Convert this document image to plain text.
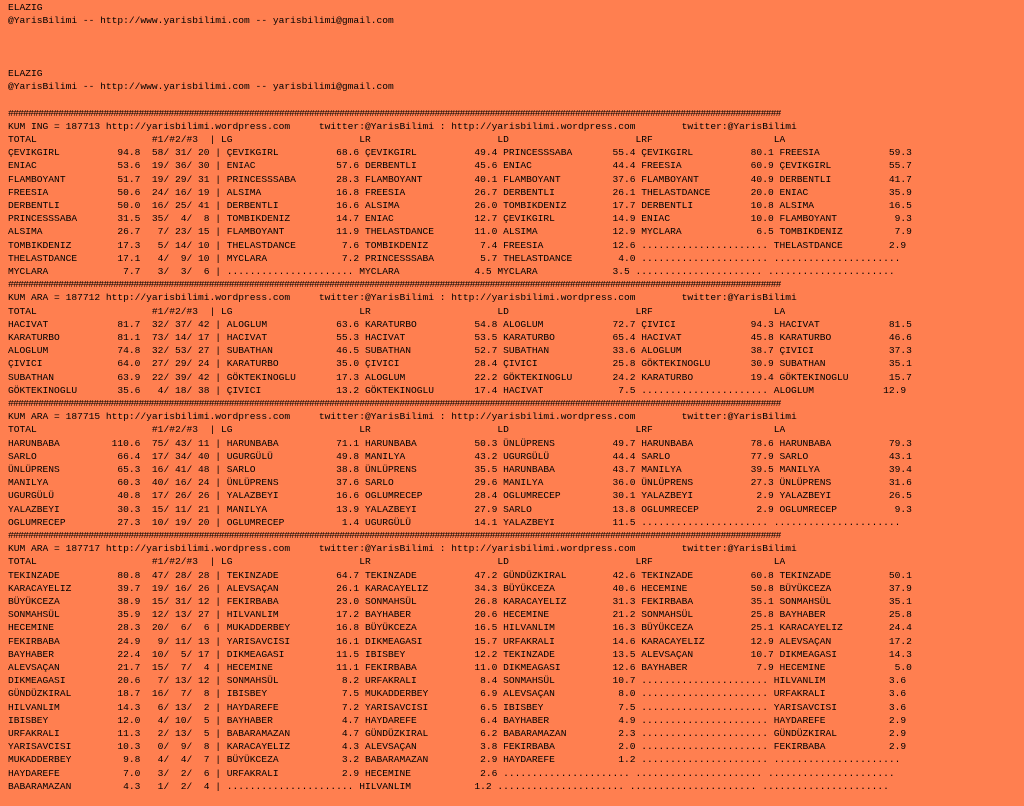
ELAZIG
@YarisBilimi -- http://www.yarisbilimi.com -- yarisbilimi@gmail.com
ELAZIG
@YarisBilimi -- http://www.yarisbilimi.com -- yarisbilimi@gmail.com
##########################################################################################################################################################
KUM ING = 187713 http://yarisbilimi.wordpress.com     twitter:@YarisBilimi : http://yarisbilimi.wordpress.com        twitter:@YarisBilimi
TOTAL                    #1/#2/#3  | LG                      LR                      LD                      LRF                     LA
ÇEVIKGIRL          94.8  58/ 31/ 20 | ÇEVIKGIRL          68.6 ÇEVIKGIRL          49.4 PRINCESSSABA       55.4 ÇEVIKGIRL          80.1 FREESIA            59.3
ENIAC              53.6  19/ 36/ 30 | ENIAC              57.6 DERBENTLI          45.6 ENIAC              44.4 FREESIA            60.9 ÇEVIKGIRL          55.7
FLAMBOYANT         51.7  19/ 29/ 31 | PRINCESSSABA       28.3 FLAMBOYANT         40.1 FLAMBOYANT         37.6 FLAMBOYANT         40.9 DERBENTLI          41.7
FREESIA            50.6  24/ 16/ 19 | ALSIMA             16.8 FREESIA            26.7 DERBENTLI          26.1 THELASTDANCE       20.0 ENIAC              35.9
DERBENTLI          50.0  16/ 25/ 41 | DERBENTLI          16.6 ALSIMA             26.0 TOMBIKDENIZ        17.7 DERBENTLI          10.8 ALSIMA             16.5
PRINCESSSABA       31.5  35/  4/  8 | TOMBIKDENIZ        14.7 ENIAC              12.7 ÇEVIKGIRL          14.9 ENIAC              10.0 FLAMBOYANT          9.3
ALSIMA             26.7   7/ 23/ 15 | FLAMBOYANT         11.9 THELASTDANCE       11.0 ALSIMA             12.9 MYCLARA             6.5 TOMBIKDENIZ         7.9
TOMBIKDENIZ        17.3   5/ 14/ 10 | THELASTDANCE        7.6 TOMBIKDENIZ         7.4 FREESIA            12.6 ...................... THELASTDANCE        2.9
THELASTDANCE       17.1   4/  9/ 10 | MYCLARA             7.2 PRINCESSSABA        5.7 THELASTDANCE        4.0 ...................... ......................
MYCLARA             7.7   3/  3/  6 | ...................... MYCLARA             4.5 MYCLARA             3.5 ...................... ......................
##########################################################################################################################################################
KUM ARA = 187712 http://yarisbilimi.wordpress.com     twitter:@YarisBilimi : http://yarisbilimi.wordpress.com        twitter:@YarisBilimi
TOTAL                    #1/#2/#3  | LG                      LR                      LD                      LRF                     LA
HACIVAT            81.7  32/ 37/ 42 | ALOGLUM            63.6 KARATURBO          54.8 ALOGLUM            72.7 ÇIVICI             94.3 HACIVAT            81.5
KARATURBO          81.1  73/ 14/ 17 | HACIVAT            55.3 HACIVAT            53.5 KARATURBO          65.4 HACIVAT            45.8 KARATURBO          46.6
ALOGLUM            74.8  32/ 53/ 27 | SUBATHAN           46.5 SUBATHAN           52.7 SUBATHAN           33.6 ALOGLUM            38.7 ÇIVICI             37.3
ÇIVICI             64.0  27/ 29/ 24 | KARATURBO          35.0 ÇIVICI             28.4 ÇIVICI             25.8 GÖKTEKINOGLU       30.9 SUBATHAN           35.1
SUBATHAN           63.9  22/ 39/ 42 | GÖKTEKINOGLU       17.3 ALOGLUM            22.2 GÖKTEKINOGLU       24.2 KARATURBO          19.4 GÖKTEKINOGLU       15.7
GÖKTEKINOGLU       35.6   4/ 18/ 38 | ÇIVICI             13.2 GÖKTEKINOGLU       17.4 HACIVAT             7.5 ...................... ALOGLUM            12.9
##########################################################################################################################################################
KUM ARA = 187715 http://yarisbilimi.wordpress.com     twitter:@YarisBilimi : http://yarisbilimi.wordpress.com        twitter:@YarisBilimi
TOTAL                    #1/#2/#3  | LG                      LR                      LD                      LRF                     LA
HARUNBABA         110.6  75/ 43/ 11 | HARUNBABA          71.1 HARUNBABA          50.3 ÜNLÜPRENS          49.7 HARUNBABA          78.6 HARUNBABA          79.3
SARLO              66.4  17/ 34/ 40 | UGURGÜLÜ           49.8 MANILYA            43.2 UGURGÜLÜ           44.4 SARLO              77.9 SARLO              43.1
ÜNLÜPRENS          65.3  16/ 41/ 48 | SARLO              38.8 ÜNLÜPRENS          35.5 HARUNBABA          43.7 MANILYA            39.5 MANILYA            39.4
MANILYA            60.3  40/ 16/ 24 | ÜNLÜPRENS          37.6 SARLO              29.6 MANILYA            36.0 ÜNLÜPRENS          27.3 ÜNLÜPRENS          31.6
UGURGÜLÜ           40.8  17/ 26/ 26 | YALAZBEYI          16.6 OGLUMRECEP         28.4 OGLUMRECEP         30.1 YALAZBEYI           2.9 YALAZBEYI          26.5
YALAZBEYI          30.3  15/ 11/ 21 | MANILYA            13.9 YALAZBEYI          27.9 SARLO              13.8 OGLUMRECEP          2.9 OGLUMRECEP          9.3
OGLUMRECEP         27.3  10/ 19/ 20 | OGLUMRECEP          1.4 UGURGÜLÜ           14.1 YALAZBEYI          11.5 ...................... ......................
##########################################################################################################################################################
KUM ARA = 187717 http://yarisbilimi.wordpress.com     twitter:@YarisBilimi : http://yarisbilimi.wordpress.com        twitter:@YarisBilimi
TOTAL                    #1/#2/#3  | LG                      LR                      LD                      LRF                     LA
TEKINZADE          80.8  47/ 28/ 28 | TEKINZADE          64.7 TEKINZADE          47.2 GÜNDÜZKIRAL        42.6 TEKINZADE          60.8 TEKINZADE          50.1
KARACAYELIZ        39.7  19/ 16/ 26 | ALEVSAÇAN          26.1 KARACAYELIZ        34.3 BÜYÜKCEZA          40.6 HECEMINE           50.8 BÜYÜKCEZA          37.9
BÜYÜKCEZA          38.9  15/ 31/ 12 | FEKIRBABA          23.0 SONMAHSÜL          26.8 KARACAYELIZ        31.3 FEKIRBABA          35.1 SONMAHSÜL          35.1
SONMAHSÜL          35.9  12/ 13/ 27 | HILVANLIM          17.2 BAYHABER           20.6 HECEMINE           21.2 SONMAHSÜL          25.8 BAYHABER           25.8
HECEMINE           28.3  20/  6/  6 | MUKADDERBEY        16.8 BÜYÜKCEZA          16.5 HILVANLIM          16.3 BÜYÜKCEZA          25.1 KARACAYELIZ        24.4
FEKIRBABA          24.9   9/ 11/ 13 | YARISAVCISI        16.1 DIKMEAGASI         15.7 URFAKRALI          14.6 KARACAYELIZ        12.9 ALEVSAÇAN          17.2
BAYHABER           22.4  10/  5/ 17 | DIKMEAGASI         11.5 IBISBEY            12.2 TEKINZADE          13.5 ALEVSAÇAN          10.7 DIKMEAGASI         14.3
ALEVSAÇAN          21.7  15/  7/  4 | HECEMINE           11.1 FEKIRBABA          11.0 DIKMEAGASI         12.6 BAYHABER            7.9 HECEMINE            5.0
DIKMEAGASI         20.6   7/ 13/ 12 | SONMAHSÜL           8.2 URFAKRALI           8.4 SONMAHSÜL          10.7 ...................... HILVANLIM           3.6
GÜNDÜZKIRAL        18.7  16/  7/  8 | IBISBEY             7.5 MUKADDERBEY         6.9 ALEVSAÇAN           8.0 ...................... URFAKRALI           3.6
HILVANLIM          14.3   6/ 13/  2 | HAYDAREFE           7.2 YARISAVCISI         6.5 IBISBEY             7.5 ...................... YARISAVCISI         3.6
IBISBEY            12.0   4/ 10/  5 | BAYHABER            4.7 HAYDAREFE           6.4 BAYHABER            4.9 ...................... HAYDAREFE           2.9
URFAKRALI          11.3   2/ 13/  5 | BABARAMAZAN         4.7 GÜNDÜZKIRAL         6.2 BABARAMAZAN         2.3 ...................... GÜNDÜZKIRAL         2.9
YARISAVCISI        10.3   0/  9/  8 | KARACAYELIZ         4.3 ALEVSAÇAN           3.8 FEKIRBABA           2.0 ...................... FEKIRBABA           2.9
MUKADDERBEY         9.8   4/  4/  7 | BÜYÜKCEZA           3.2 BABARAMAZAN         2.9 HAYDAREFE           1.2 ...................... ......................
HAYDAREFE           7.0   3/  2/  6 | URFAKRALI           2.9 HECEMINE            2.6 ...................... ...................... ......................
BABARAMAZAN         4.3   1/  2/  4 | ...................... HILVANLIM           1.2 ...................... ...................... ......................
